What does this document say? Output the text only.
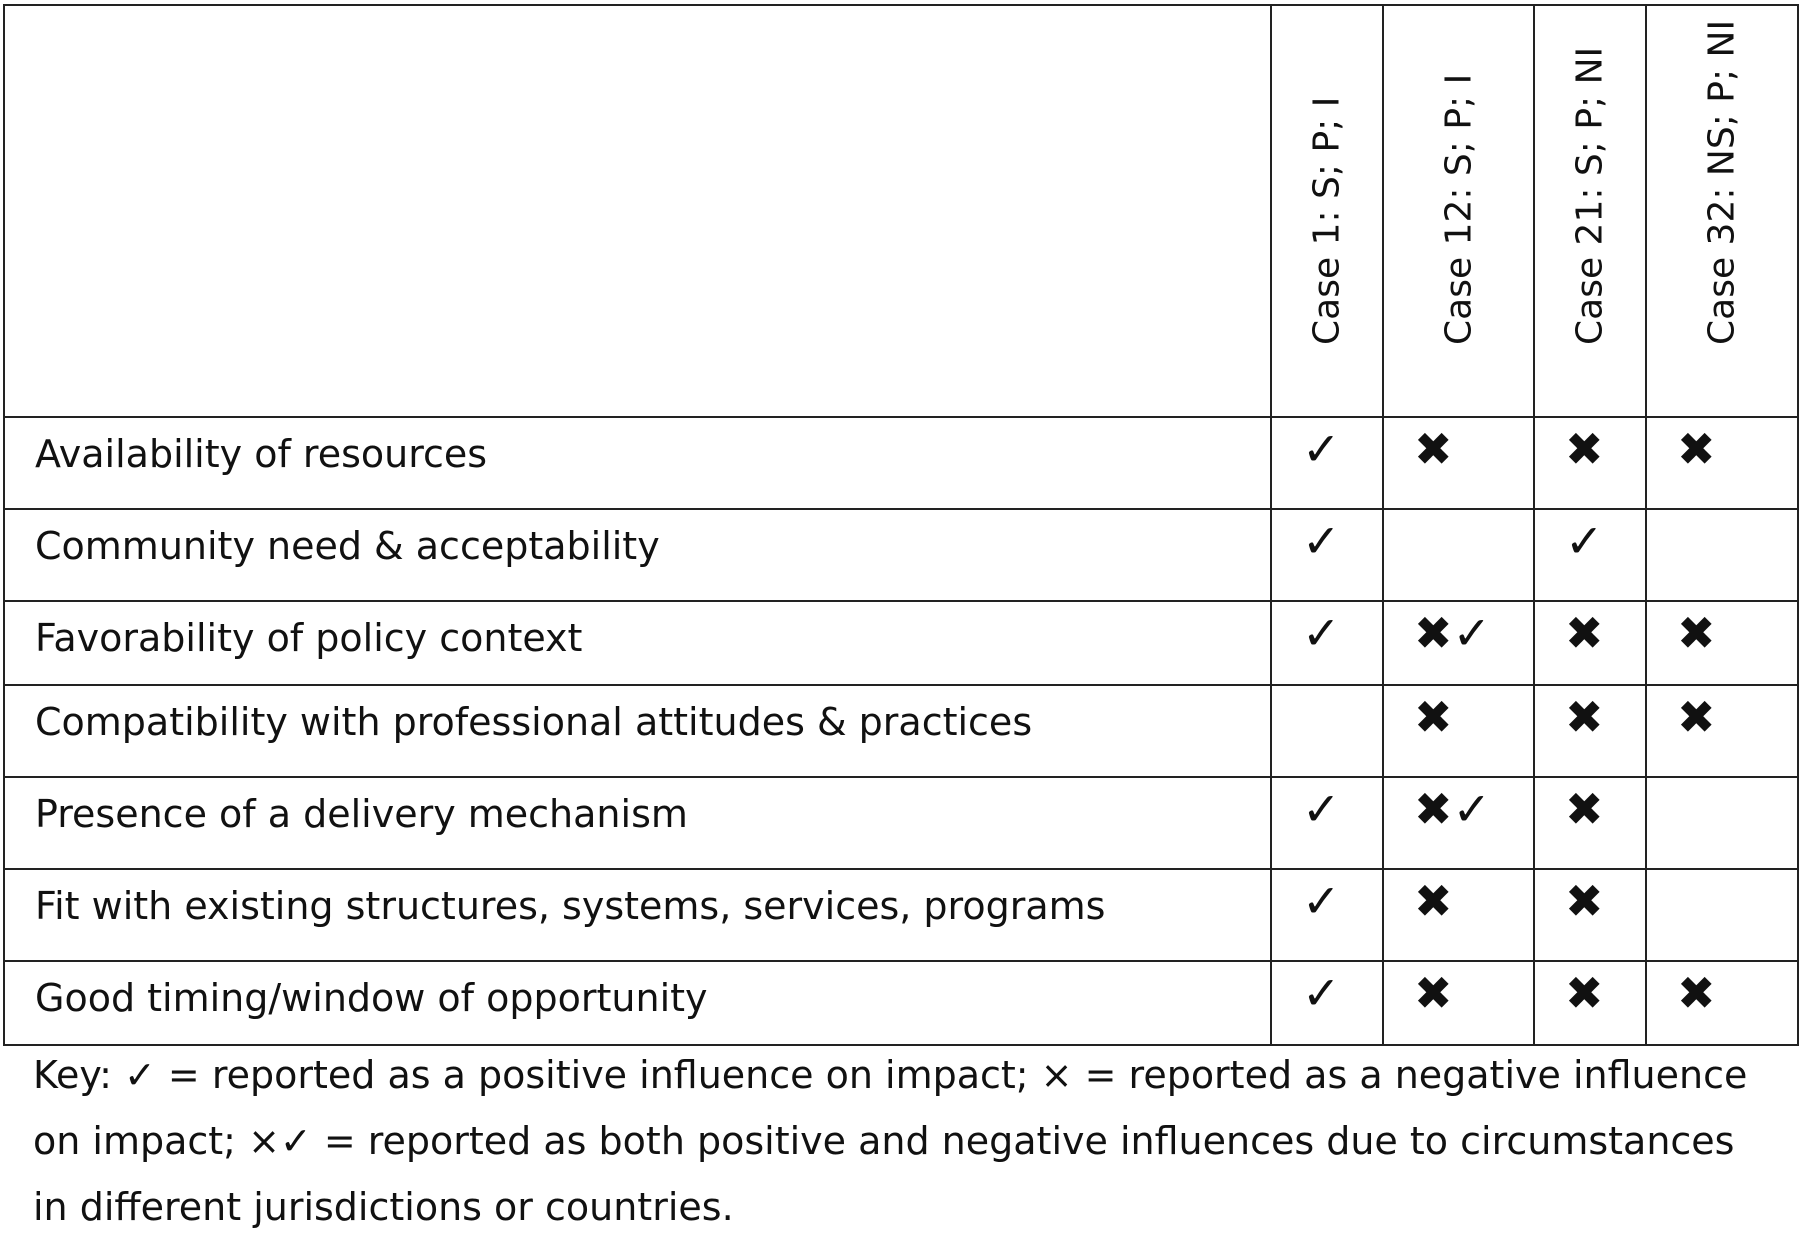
	Case 1: S; P; I	Case 12: S; P; I	Case 21: S; P; NI	Case 32: NS; P; NI

Availability of resources	✓	✖	✖	✖
Community need & acceptability	✓		✓	
Favorability of policy context	✓	✖✓	✖	✖
Compatibility with professional attitudes & practices		✖	✖	✖
Presence of a delivery mechanism	✓	✖✓	✖	
Fit with existing structures, systems, services, programs	✓	✖	✖	
Good timing/window of opportunity	✓	✖	✖	✖
Key: ✓ = reported as a positive influence on impact; × = reported as a negative influence on impact; ×✓ = reported as both positive and negative influences due to circumstances in different jurisdictions or countries.
